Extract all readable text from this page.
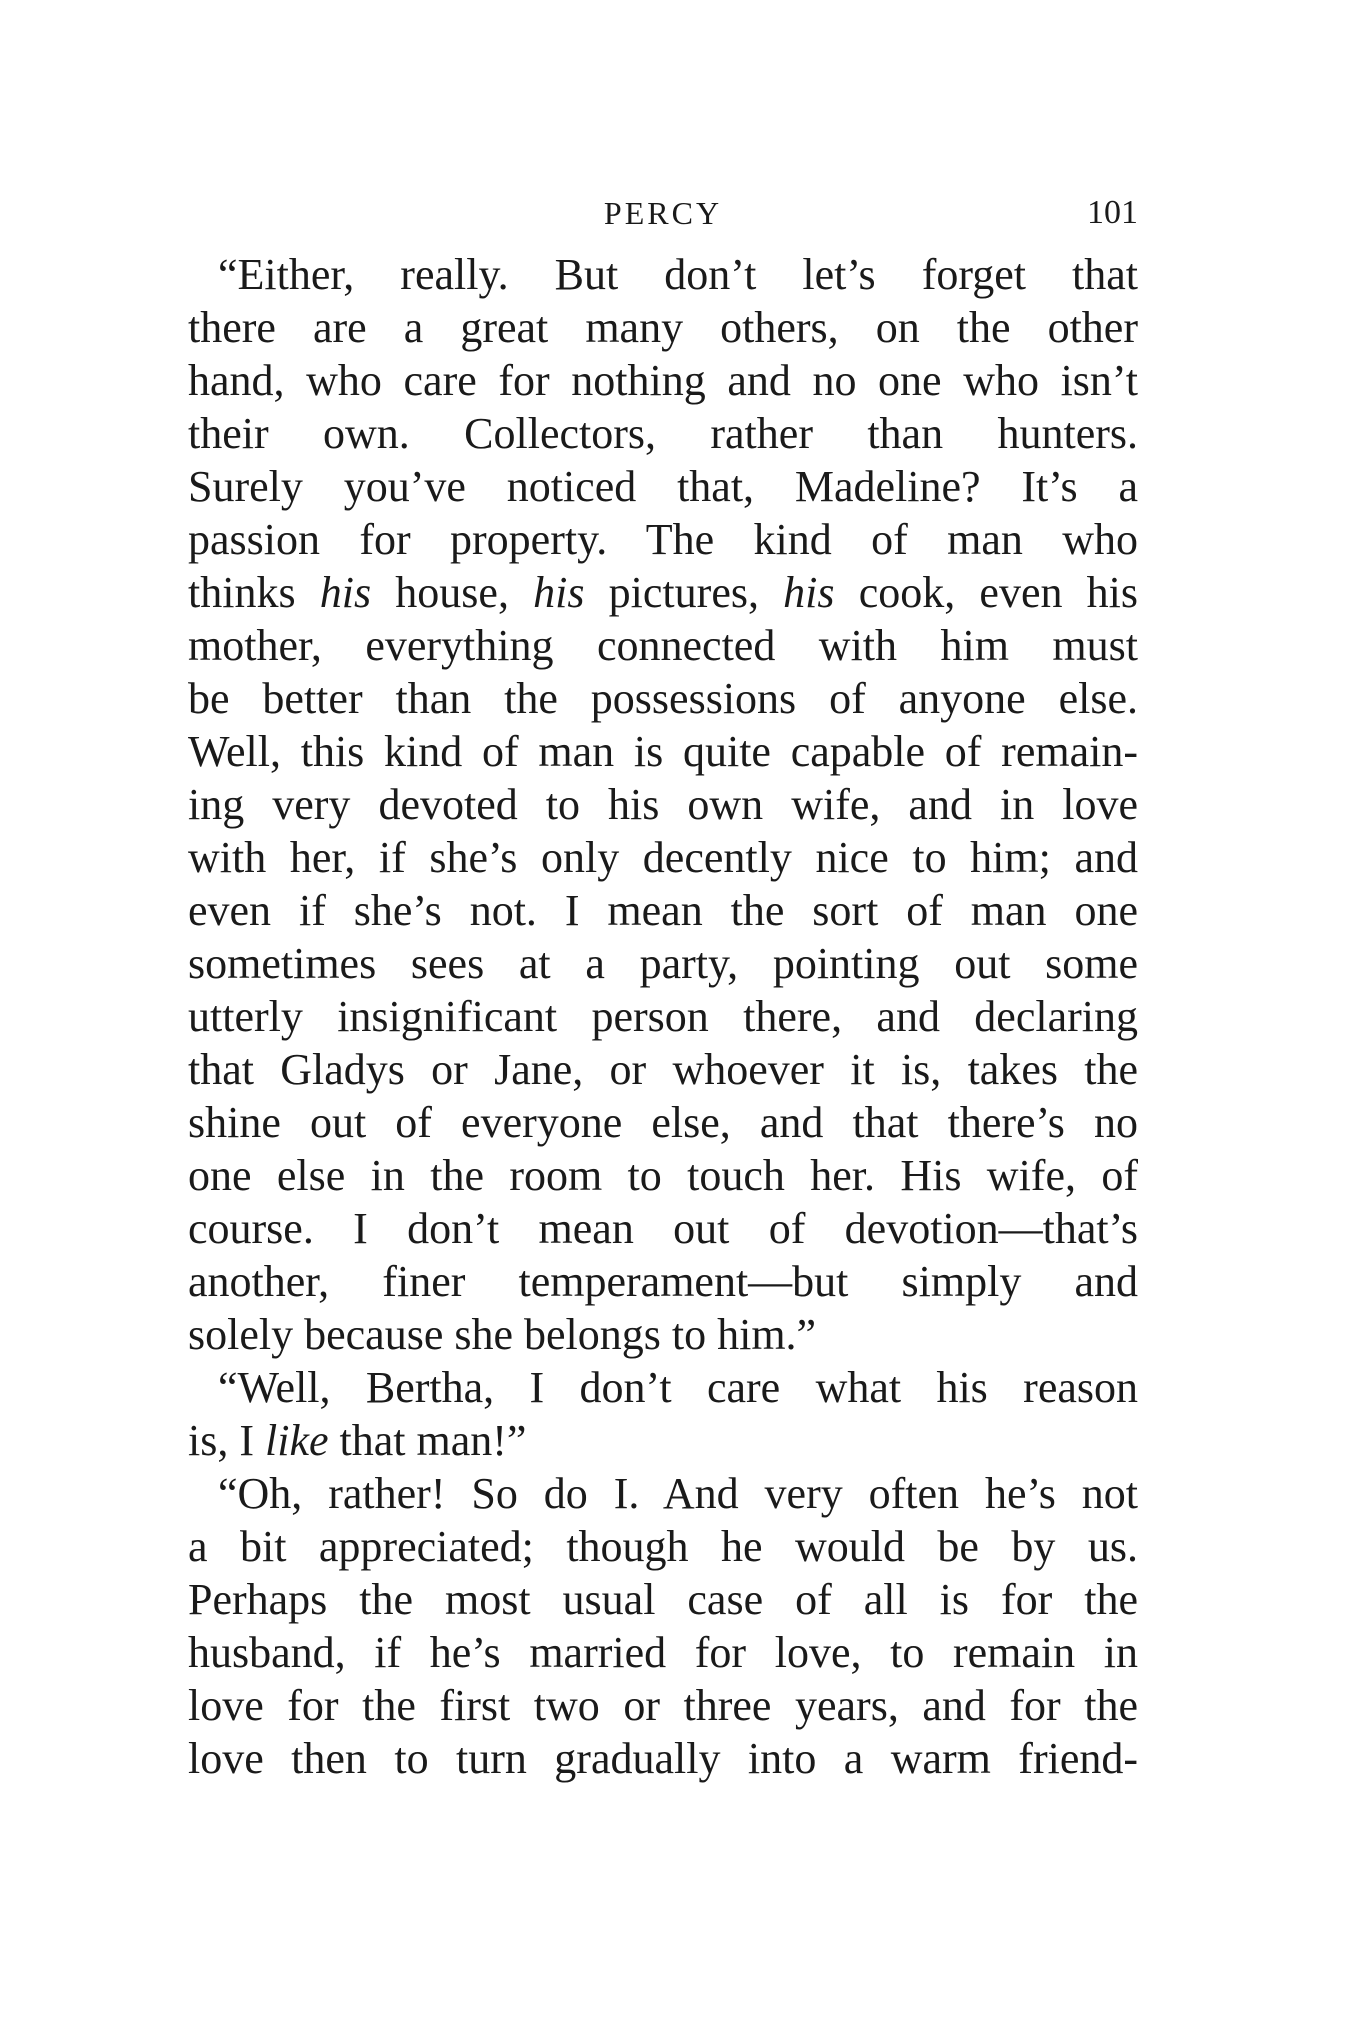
PERCY	101
“Either, really. But don’t let’s forget that
there are a great many others, on the other
hand, who care for nothing and no one who isn’t
their own. Collectors, rather than hunters.
Surely you’ve noticed that, Madeline? It’s a
passion for property. The kind of man who
thinks his house, his pictures, his cook, even his
mother, everything connected with him must
be better than the possessions of anyone else.
Well, this kind of man is quite capable of remain-
ing very devoted to his own wife, and in love
with her, if she’s only decently nice to him; and
even if she’s not. I mean the sort of man one
sometimes sees at a party, pointing out some
utterly insignificant person there, and declaring
that Gladys or Jane, or whoever it is, takes the
shine out of everyone else, and that there’s no
one else in the room to touch her. His wife, of
course. I don’t mean out of devotion—that’s
another, finer temperament—but simply and
solely because she belongs to him.”
“Well, Bertha, I don’t care what his reason
is, I like that man!”
“Oh, rather! So do I. And very often he’s not
a bit appreciated; though he would be by us.
Perhaps the most usual case of all is for the
husband, if he’s married for love, to remain in
love for the first two or three years, and for the
love then to turn gradually into a warm friend-
